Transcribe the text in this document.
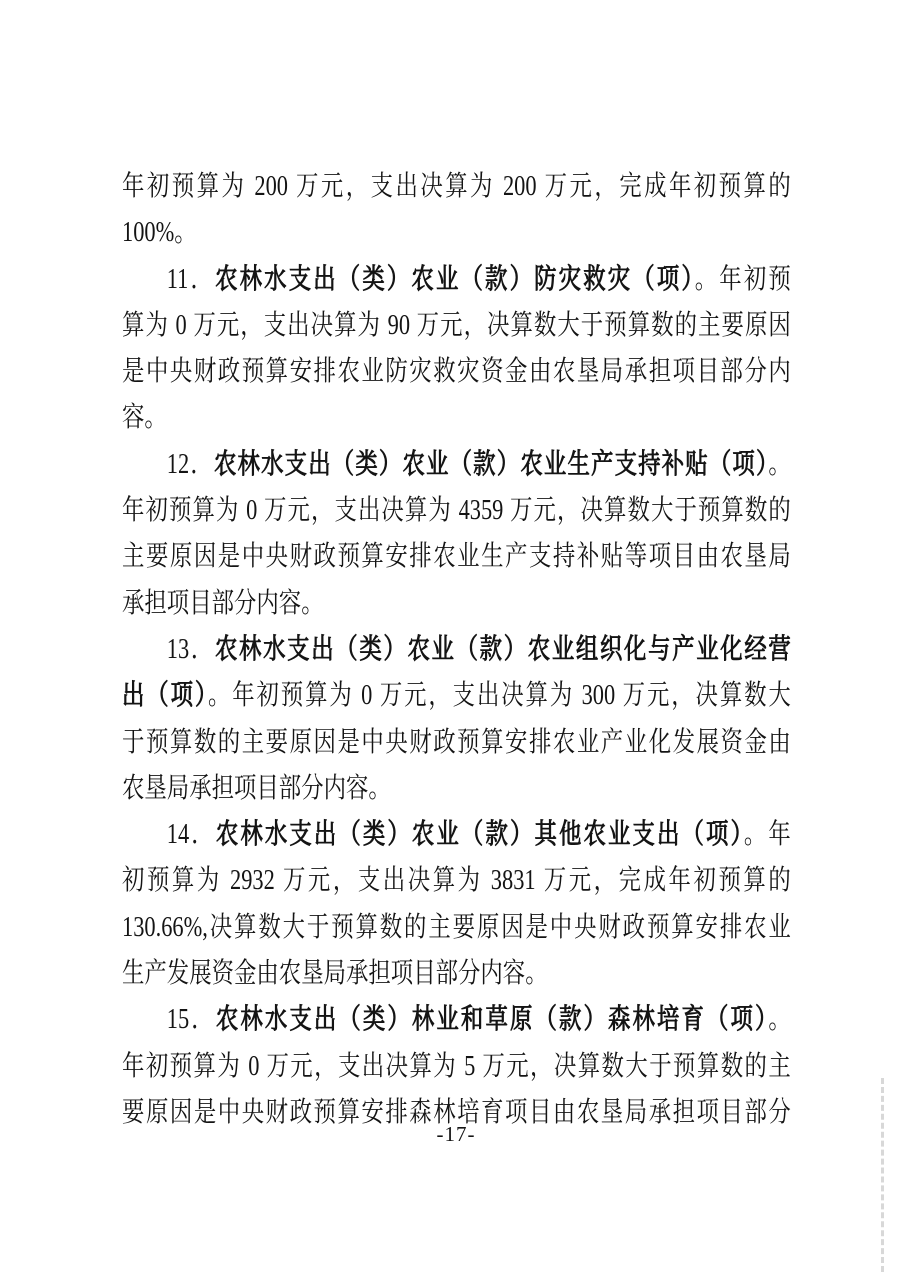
年初预算为 200 万元，支出决算为 200 万元，完成年初预算的
100%。
11．农林水支出（类）农业（款）防灾救灾（项）。年初预
算为 0 万元，支出决算为 90 万元，决算数大于预算数的主要原因
是中央财政预算安排农业防灾救灾资金由农垦局承担项目部分内
容。
12．农林水支出（类）农业（款）农业生产支持补贴（项）。
年初预算为 0 万元，支出决算为 4359 万元，决算数大于预算数的
主要原因是中央财政预算安排农业生产支持补贴等项目由农垦局
承担项目部分内容。
13．农林水支出（类）农业（款）农业组织化与产业化经营
出（项）。年初预算为 0 万元，支出决算为 300 万元，决算数大
于预算数的主要原因是中央财政预算安排农业产业化发展资金由
农垦局承担项目部分内容。
14．农林水支出（类）农业（款）其他农业支出（项）。年
初预算为 2932 万元，支出决算为 3831 万元，完成年初预算的
130.66%,决算数大于预算数的主要原因是中央财政预算安排农业
生产发展资金由农垦局承担项目部分内容。
15．农林水支出（类）林业和草原（款）森林培育（项）。
年初预算为 0 万元，支出决算为 5 万元，决算数大于预算数的主
要原因是中央财政预算安排森林培育项目由农垦局承担项目部分
-17-
